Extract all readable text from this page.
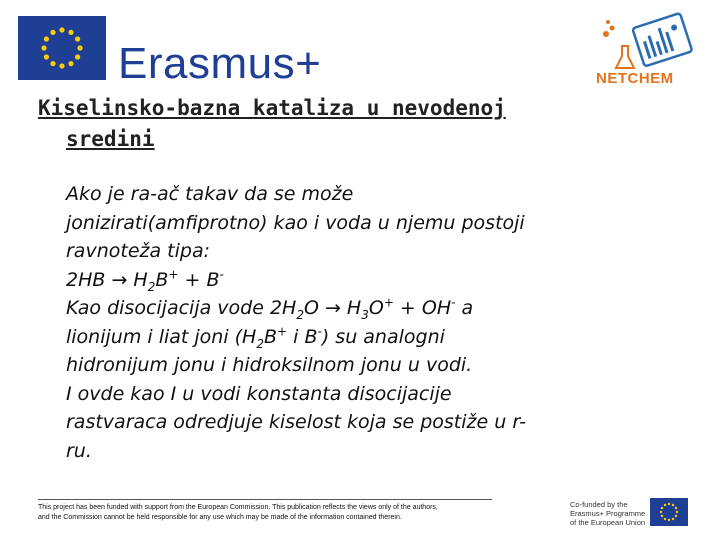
Erasmus+	NETCHEM
Kiselinsko-bazna kataliza u nevodenoj
sredini
Ako je ra-ač takav da se može
jonizirati(amfiprotno) kao i voda u njemu postoji
ravnoteža tipa:
$2HB \to H_2B^+ + B^-$
Kao disocijacija vode $2H_2O \to H_3O^+ + OH^-$ a
lionijum i liat joni ($H_2B^+$ i B-) su analogni
hidronijum jonu i hidroksilnom jonu u vodi.
I ovde kao I u vodi konstanta disocijacije
rastvaraca odredjuje kiselost koja se postiže u r-
ru.
This project has been funded with support from the European Commission. This publication reflects the views only of the authors,
and the Commission cannot be held responsible for any use which may be made of the information contained therein.
Co-funded by the
Erasmus+ Programme
of the European Union
